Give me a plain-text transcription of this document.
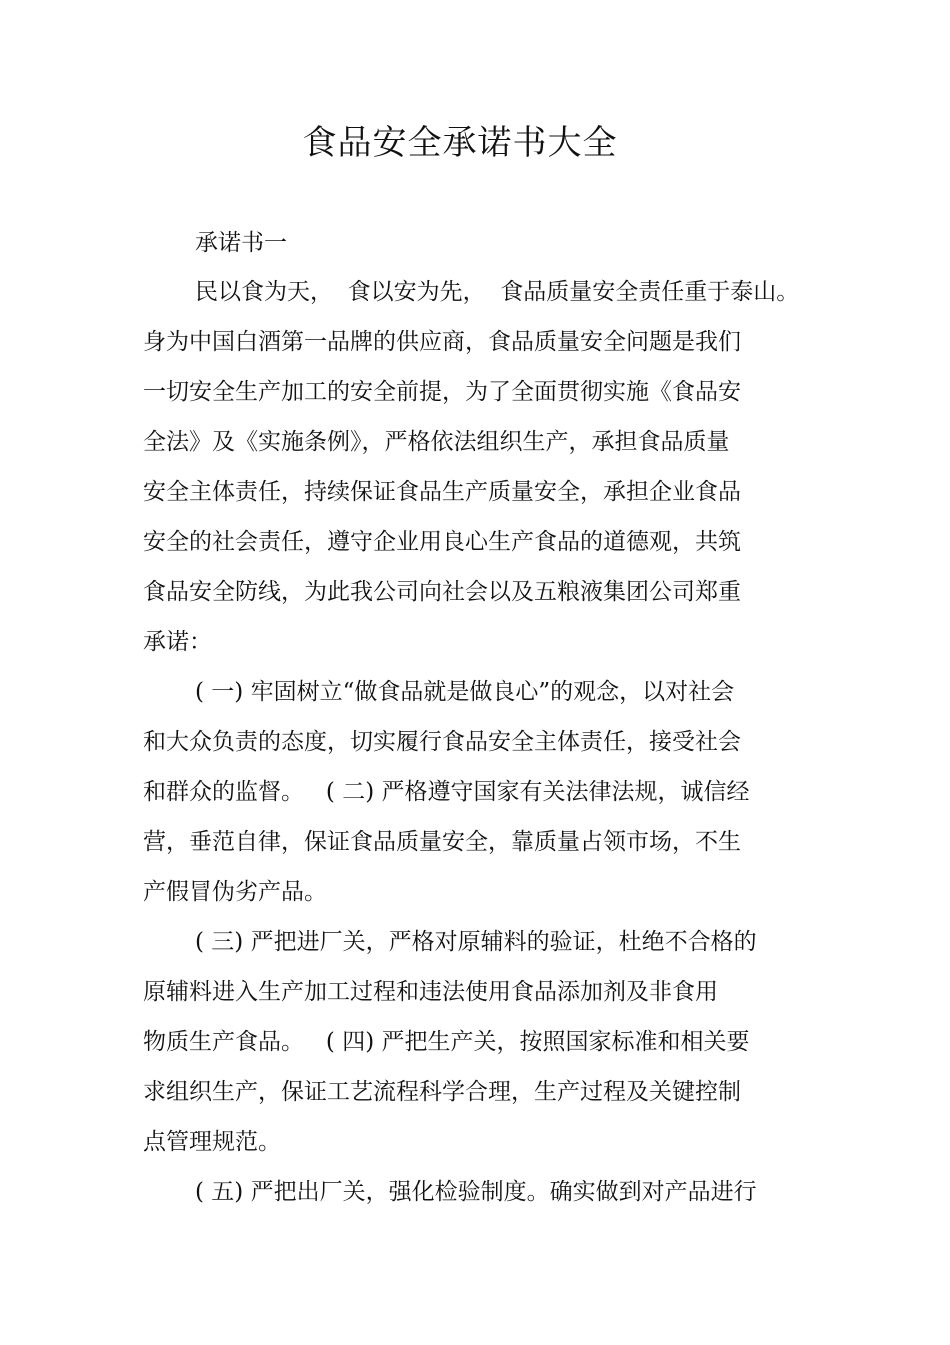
食品安全承诺书大全
承诺书一
民以食为天，  食以安为先，  食品质量安全责任重于泰山。
身为中国白酒第一品牌的供应商，食品质量安全问题是我们
一切安全生产加工的安全前提，为了全面贯彻实施《食品安
全法》及《实施条例》，严格依法组织生产，承担食品质量
安全主体责任，持续保证食品生产质量安全，承担企业食品
安全的社会责任，遵守企业用良心生产食品的道德观，共筑
食品安全防线，为此我公司向社会以及五粮液集团公司郑重
承诺：
( 一) 牢固树立“做食品就是做良心”的观念，以对社会
和大众负责的态度，切实履行食品安全主体责任，接受社会
和群众的监督。   ( 二) 严格遵守国家有关法律法规，诚信经
营，垂范自律，保证食品质量安全，靠质量占领市场，不生
产假冒伪劣产品。
( 三) 严把进厂关，严格对原辅料的验证，杜绝不合格的
原辅料进入生产加工过程和违法使用食品添加剂及非食用
物质生产食品。   ( 四) 严把生产关，按照国家标准和相关要
求组织生产，保证工艺流程科学合理，生产过程及关键控制
点管理规范。
( 五) 严把出厂关，强化检验制度。确实做到对产品进行
